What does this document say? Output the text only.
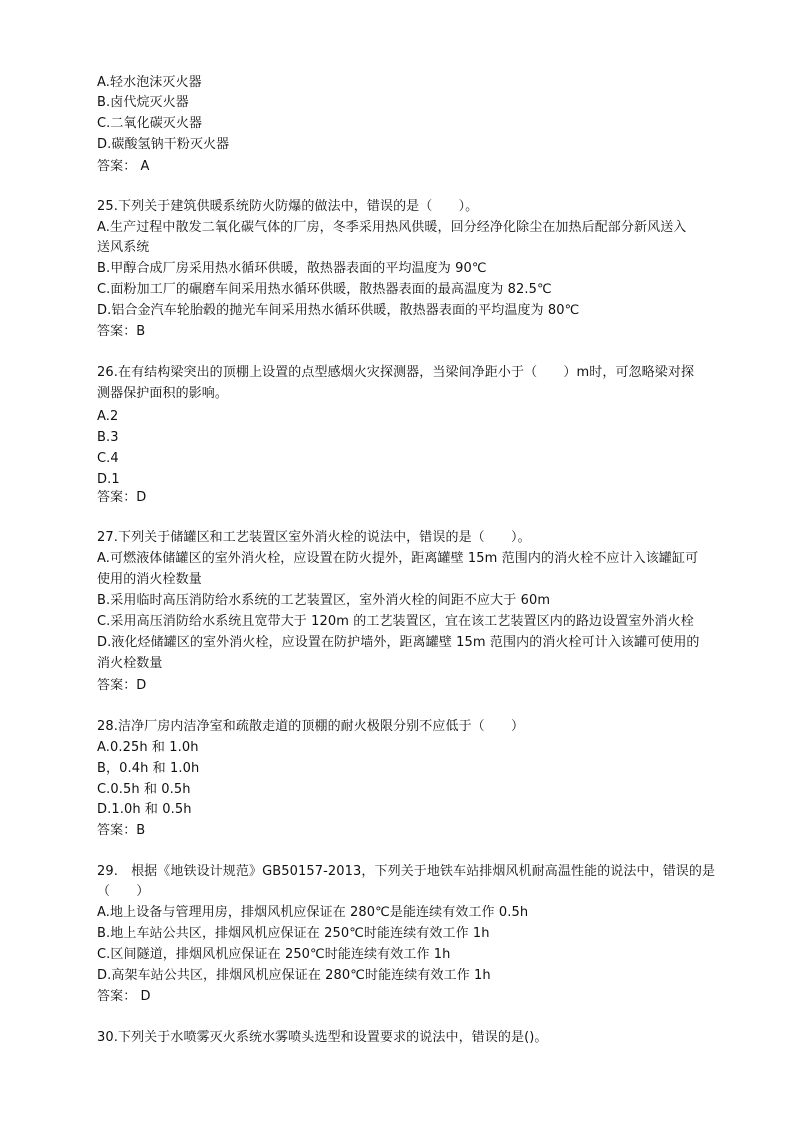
A.轻水泡沫灭火器
B.卤代烷灭火器
C.二氧化碳灭火器
D.碳酸氢钠干粉灭火器
答案： A
25.下列关于建筑供暖系统防火防爆的做法中，错误的是（　　）。
A.生产过程中散发二氧化碳气体的厂房，冬季采用热风供暖，回分经净化除尘在加热后配部分新风送入
送风系统
B.甲醇合成厂房采用热水循环供暖，散热器表面的平均温度为 90℃
C.面粉加工厂的碾磨车间采用热水循环供暖，散热器表面的最高温度为 82.5℃
D.铝合金汽车轮胎毂的抛光车间采用热水循环供暖，散热器表面的平均温度为 80℃
答案：B
26.在有结构梁突出的顶棚上设置的点型感烟火灾探测器，当梁间净距小于（　　）m时，可忽略梁对探
测器保护面积的影响。
A.2
B.3
C.4
D.1
答案：D
27.下列关于储罐区和工艺装置区室外消火栓的说法中，错误的是（　　）。
A.可燃液体储罐区的室外消火栓，应设置在防火提外，距离罐壁 15m 范围内的消火栓不应计入该罐缸可
使用的消火栓数量
B.采用临时高压消防给水系统的工艺装置区，室外消火栓的间距不应大于 60m
C.采用高压消防给水系统且宽带大于 120m 的工艺装置区，宜在该工艺装置区内的路边设置室外消火栓
D.液化烃储罐区的室外消火栓，应设置在防护墙外，距离罐壁 15m 范围内的消火栓可计入该罐可使用的
消火栓数量
答案：D
28.洁净厂房内洁净室和疏散走道的顶棚的耐火极限分别不应低于（　　）
A.0.25h 和 1.0h
B，0.4h 和 1.0h
C.0.5h 和 0.5h
D.1.0h 和 0.5h
答案：B
29.　根据《地铁设计规范》GB50157-2013，下列关于地铁车站排烟风机耐高温性能的说法中，错误的是
（　　）
A.地上设备与管理用房，排烟风机应保证在 280℃是能连续有效工作 0.5h
B.地上车站公共区，排烟风机应保证在 250℃时能连续有效工作 1h
C.区间隧道，排烟风机应保证在 250℃时能连续有效工作 1h
D.高架车站公共区，排烟风机应保证在 280℃时能连续有效工作 1h
答案： D
30.下列关于水喷雾灭火系统水雾喷头选型和设置要求的说法中，错误的是()。
